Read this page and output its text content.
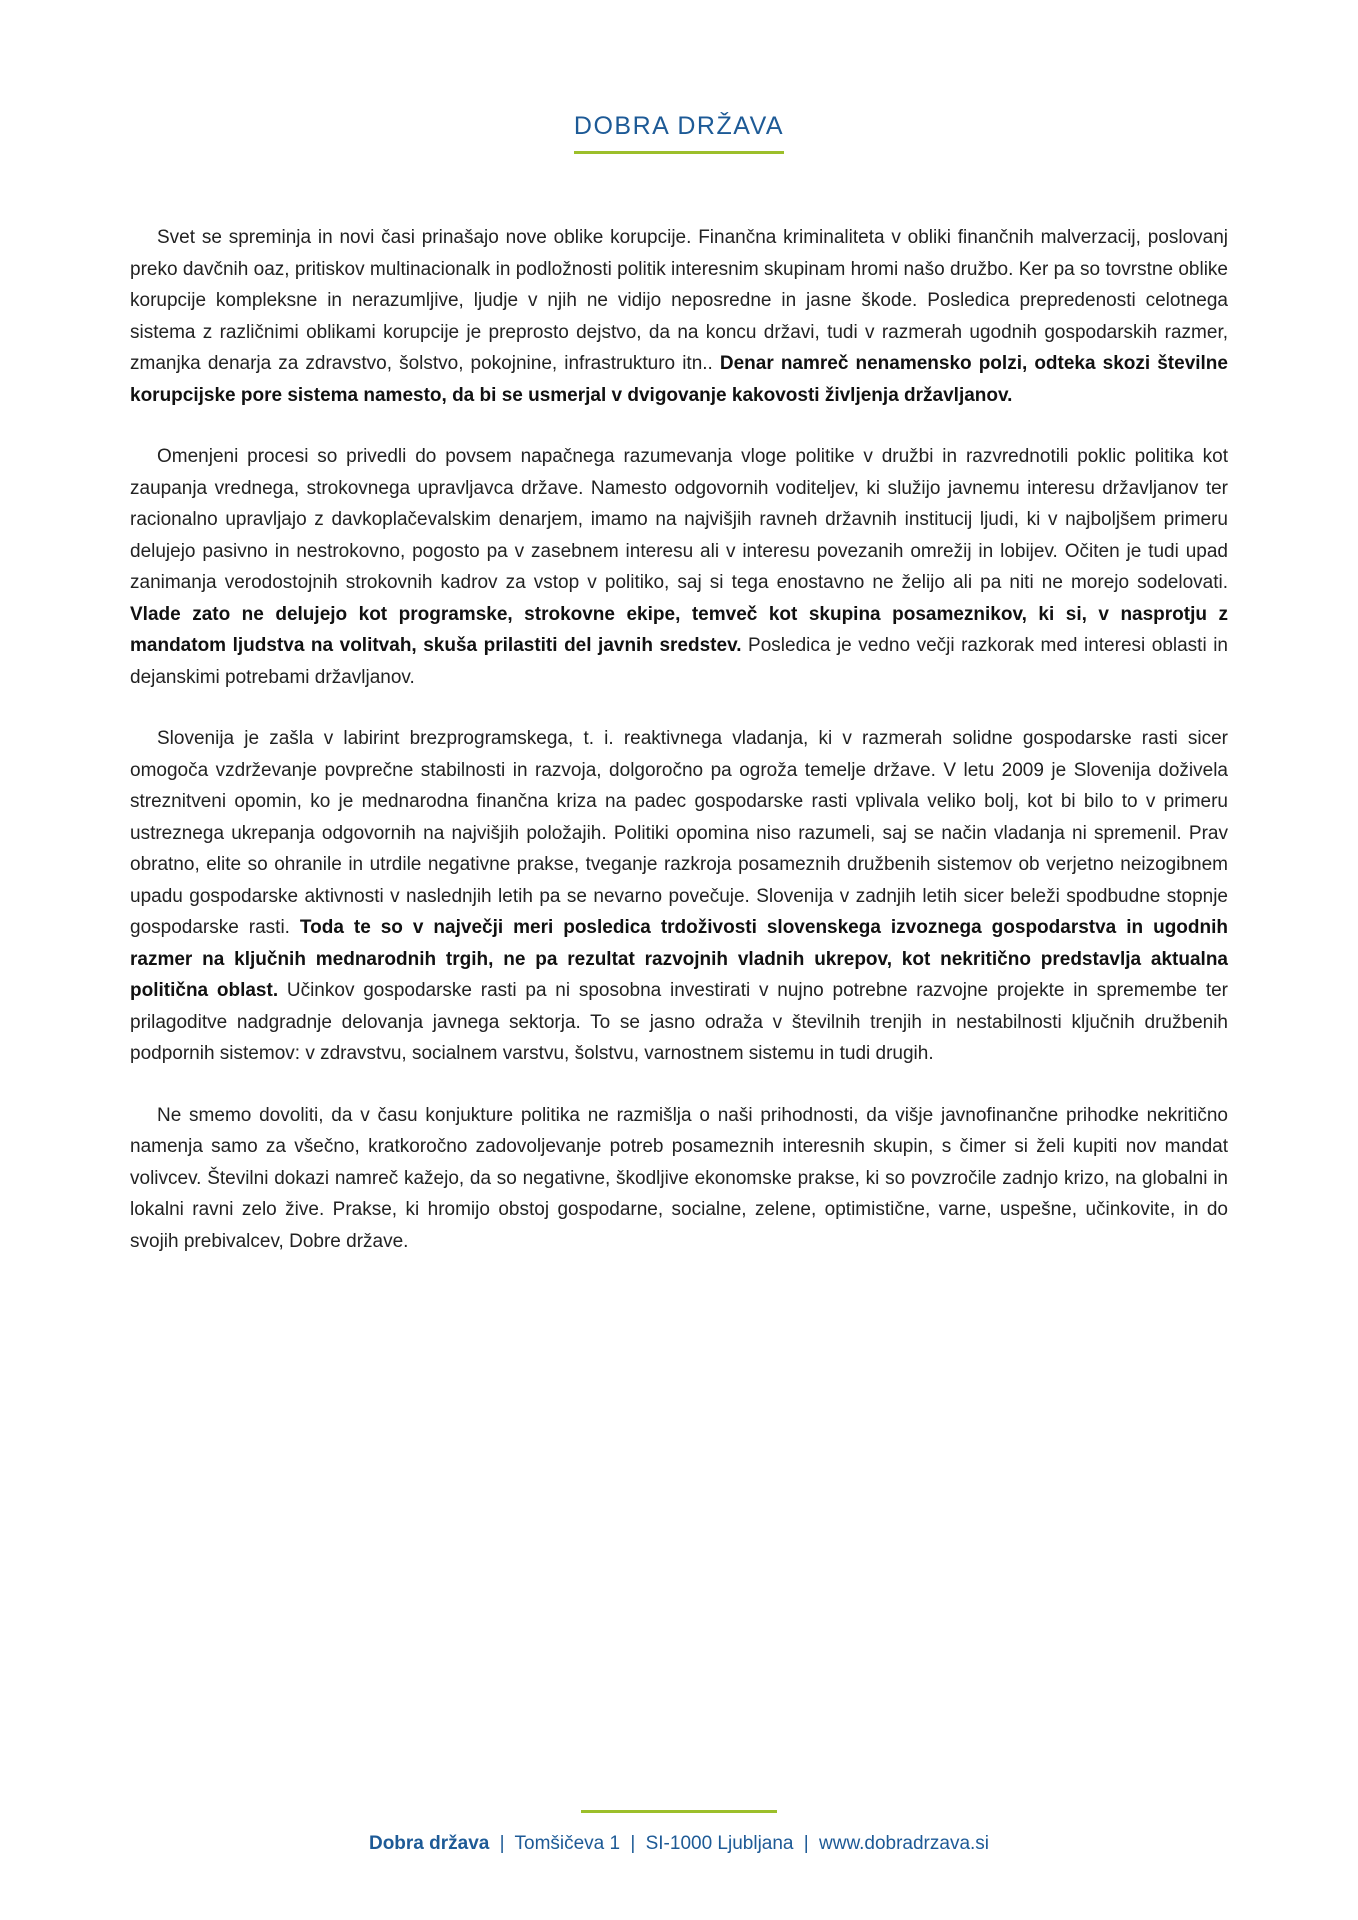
DOBRA DRŽAVA

Svet se spreminja in novi časi prinašajo nove oblike korupcije. Finančna kriminaliteta v obliki finančnih malverzacij, poslovanj preko davčnih oaz, pritiskov multinacionalk in podložnosti politik interesnim skupinam hromi našo družbo. Ker pa so tovrstne oblike korupcije kompleksne in nerazumljive, ljudje v njih ne vidijo neposredne in jasne škode. Posledica prepredenosti celotnega sistema z različnimi oblikami korupcije je preprosto dejstvo, da na koncu državi, tudi v razmerah ugodnih gospodarskih razmer, zmanjka denarja za zdravstvo, šolstvo, pokojnine, infrastrukturo itn.. Denar namreč nenamensko polzi, odteka skozi številne korupcijske pore sistema namesto, da bi se usmerjal v dvigovanje kakovosti življenja državljanov.

Omenjeni procesi so privedli do povsem napačnega razumevanja vloge politike v družbi in razvrednotili poklic politika kot zaupanja vrednega, strokovnega upravljavca države. Namesto odgovornih voditeljev, ki služijo javnemu interesu državljanov ter racionalno upravljajo z davkoplačevalskim denarjem, imamo na najvišjih ravneh državnih institucij ljudi, ki v najboljšem primeru delujejo pasivno in nestrokovno, pogosto pa v zasebnem interesu ali v interesu povezanih omrežij in lobijev. Očiten je tudi upad zanimanja verodostojnih strokovnih kadrov za vstop v politiko, saj si tega enostavno ne želijo ali pa niti ne morejo sodelovati. Vlade zato ne delujejo kot programske, strokovne ekipe, temveč kot skupina posameznikov, ki si, v nasprotju z mandatom ljudstva na volitvah, skuša prilastiti del javnih sredstev. Posledica je vedno večji razkorak med interesi oblasti in dejanskimi potrebami državljanov.

Slovenija je zašla v labirint brezprogramskega, t. i. reaktivnega vladanja, ki v razmerah solidne gospodarske rasti sicer omogoča vzdrževanje povprečne stabilnosti in razvoja, dolgoročno pa ogroža temelje države. V letu 2009 je Slovenija doživela streznitveni opomin, ko je mednarodna finančna kriza na padec gospodarske rasti vplivala veliko bolj, kot bi bilo to v primeru ustreznega ukrepanja odgovornih na najvišjih položajih. Politiki opomina niso razumeli, saj se način vladanja ni spremenil. Prav obratno, elite so ohranile in utrdile negativne prakse, tveganje razkroja posameznih družbenih sistemov ob verjetno neizogibnem upadu gospodarske aktivnosti v naslednjih letih pa se nevarno povečuje. Slovenija v zadnjih letih sicer beleži spodbudne stopnje gospodarske rasti. Toda te so v največji meri posledica trdoživosti slovenskega izvoznega gospodarstva in ugodnih razmer na ključnih mednarodnih trgih, ne pa rezultat razvojnih vladnih ukrepov, kot nekritično predstavlja aktualna politična oblast. Učinkov gospodarske rasti pa ni sposobna investirati v nujno potrebne razvojne projekte in spremembe ter prilagoditve nadgradnje delovanja javnega sektorja. To se jasno odraža v številnih trenjih in nestabilnosti ključnih družbenih podpornih sistemov: v zdravstvu, socialnem varstvu, šolstvu, varnostnem sistemu in tudi drugih.

Ne smemo dovoliti, da v času konjukture politika ne razmišlja o naši prihodnosti, da višje javnofinančne prihodke nekritično namenja samo za všečno, kratkoročno zadovoljevanje potreb posameznih interesnih skupin, s čimer si želi kupiti nov mandat volivcev. Številni dokazi namreč kažejo, da so negativne, škodljive ekonomske prakse, ki so povzročile zadnjo krizo, na globalni in lokalni ravni zelo žive. Prakse, ki hromijo obstoj gospodarne, socialne, zelene, optimistične, varne, uspešne, učinkovite, in do svojih prebivalcev, Dobre države.

Dobra država | Tomšičeva 1 | SI-1000 Ljubljana | www.dobradrzava.si
